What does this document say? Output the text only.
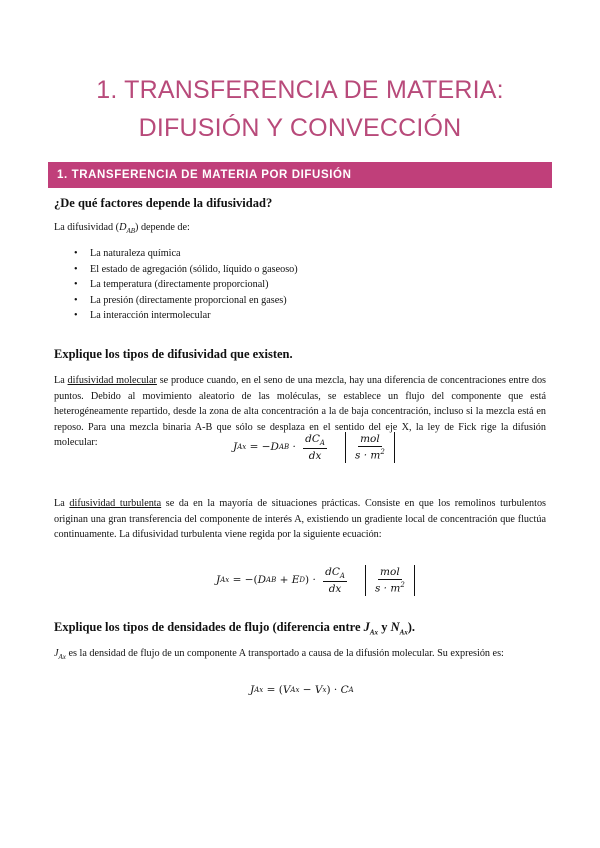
1. TRANSFERENCIA DE MATERIA:
DIFUSIÓN Y CONVECCIÓN
1. TRANSFERENCIA DE MATERIA POR DIFUSIÓN
¿De qué factores depende la difusividad?
La difusividad $(D_{AB})$ depende de:
• La naturaleza química
• El estado de agregación (sólido, líquido o gaseoso)
• La temperatura (directamente proporcional)
• La presión (directamente proporcional en gases)
• La interacción intermolecular
Explique los tipos de difusividad que existen.
La difusividad molecular se produce cuando, en el seno de una mezcla, hay una diferencia de concentraciones entre dos puntos. Debido al movimiento aleatorio de las moléculas, se establece un flujo del componente que está heterogéneamente repartido, desde la zona de alta concentración a la de baja concentración, incluso si la mezcla está en reposo. Para una mezcla binaria A-B que sólo se desplaza en el sentido del eje X, la ley de Fick rige la difusión molecular:	J Ax = − D AB · $\frac{dC_A}{dx} \frac{\text{mol}}{s \cdot m^2}$
La difusividad turbulenta se da en la mayoría de situaciones prácticas. Consiste en que los remolinos turbulentos originan una gran transferencia del componente de interés A, existiendo un gradiente local de concentración que fluctúa continuamente. La difusividad turbulenta viene regida por la siguiente ecuación:
J Ax = −( D AB + E D ) · $\frac{dC_A}{dx} \frac{\text{mol}}{s \cdot m^2}$
Explique los tipos de densidades de flujo (diferencia entre $J_{Ax}$ y $N_{Ax}$).
$J_{Ax}$ es la densidad de flujo de un componente A transportado a causa de la difusión molecular. Su expresión es:
J Ax = ( V Ax − V x ) · C A
